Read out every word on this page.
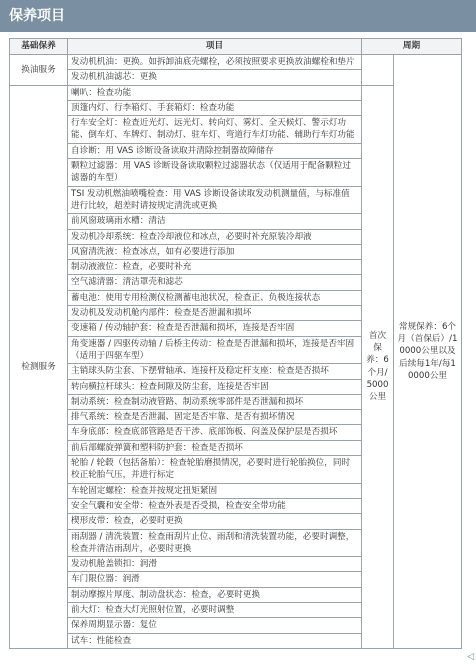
保养项目
基础保养	项目	周期	
换油服务	发动机机油：更换。如拆卸油底壳螺栓，必须按照要求更换放油螺栓和垫片		常规保养：6个月（首保后）/10000公里以及后续每1年/每10000公里
	发动机机油滤芯：更换		
检测服务	喇叭：检查功能	首次保养：6个月/5000公里	
	顶篷内灯、行李箱灯、手套箱灯：检查功能		
	行车安全灯：检查近光灯、远光灯、转向灯、雾灯、全天候灯、警示灯功能、倒车灯、车牌灯、制动灯、驻车灯、弯道行车灯功能、辅助行车灯功能		
	自诊断：用 VAS 诊断设备读取并清除控制器故障储存		
	颗粒过滤器：用 VAS 诊断设备读取颗粒过滤器状态（仅适用于配备颗粒过滤器的车型）		
	TSI 发动机燃油喷嘴检查：用 VAS 诊断设备读取发动机测量值，与标准值进行比较，超差时请按规定清洗或更换		
	前风窗玻璃雨水槽：清洁		
	发动机冷却系统：检查冷却液位和冰点，必要时补充原装冷却液		
	风窗清洗液：检查冰点，如有必要进行添加		
	制动液液位：检查，必要时补充		
	空气滤清器：清洁罩壳和滤芯		
	蓄电池：使用专用检测仪检测蓄电池状况，检查正、负极连接状态		
	发动机及发动机舱内部件：检查是否泄漏和损坏		
	变速箱 / 传动轴护套：检查是否泄漏和损坏，连接是否牢固		
	角变速器 / 四驱传动轴 / 后桥主传动：检查是否泄漏和损坏，连接是否牢固（适用于四驱车型）		
	主销球头防尘套、下摆臂轴承、连接杆及稳定杆支座：检查是否损坏		
	转向横拉杆球头：检查间隙及防尘套，连接是否牢固		
	制动系统：检查制动液管路、制动系统零部件是否泄漏和损坏		
	排气系统：检查是否泄漏、固定是否牢靠、是否有损坏情况		
	车身底部：检查底部管路是否干涉、底部饰板、闷盖及保护层是否损坏		
	前后部螺旋弹簧和塑料防护套：检查是否损坏		
	轮胎 / 轮毂（包括备胎）：检查轮胎磨损情况，必要时进行轮胎换位，同时校正轮胎气压，并进行标定		
	车轮固定螺栓：检查并按规定扭矩紧固		
	安全气囊和安全带：检查外表是否受损，检查安全带功能		
	楔形皮带：检查，必要时更换		
	雨刮器 / 清洗装置：检查雨刮片止位、雨刮和清洗装置功能，必要时调整，检查并清洁雨刮片，必要时更换		
	发动机舱盖锁扣：润滑		
	车门限位器：润滑		
	制动摩擦片厚度、制动盘状态：检查，必要时更换		
	前大灯：检查大灯光照射位置，必要时调整		
	保养周期显示器：复位		
	试车：性能检查		
◁
